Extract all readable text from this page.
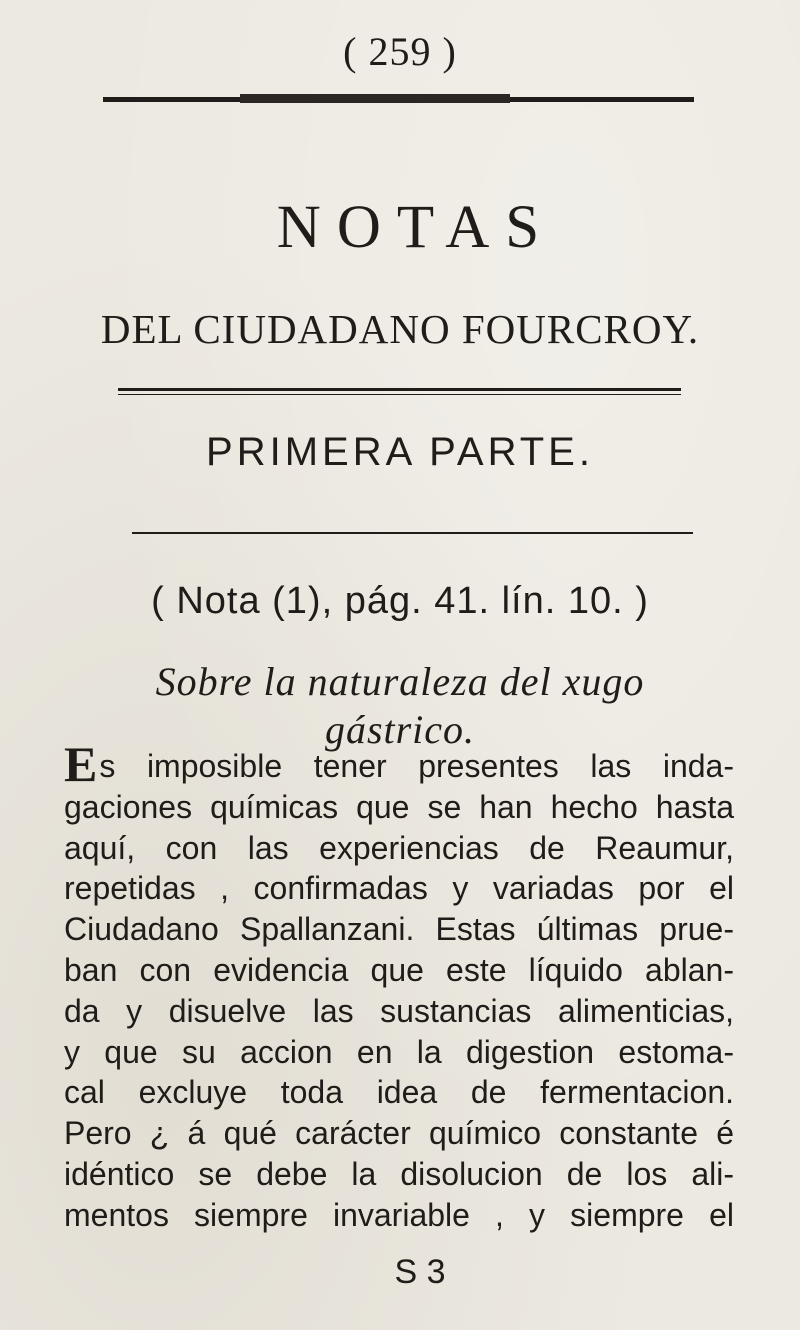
( 259 )
NOTAS
DEL CIUDADANO FOURCROY.
PRIMERA PARTE.
( Nota (1), pág. 41. lín. 10. )
Sobre la naturaleza del xugo
gástrico.
Es imposible tener presentes las inda-
gaciones químicas que se han hecho hasta
aquí, con las experiencias de Reaumur,
repetidas , confirmadas y variadas por el
Ciudadano Spallanzani. Estas últimas prue-
ban con evidencia que este líquido ablan-
da y disuelve las sustancias alimenticias,
y que su accion en la digestion estoma-
cal excluye toda idea de fermentacion.
Pero ¿ á qué carácter químico constante é
idéntico se debe la disolucion de los ali-
mentos siempre invariable , y siempre el
S 3
